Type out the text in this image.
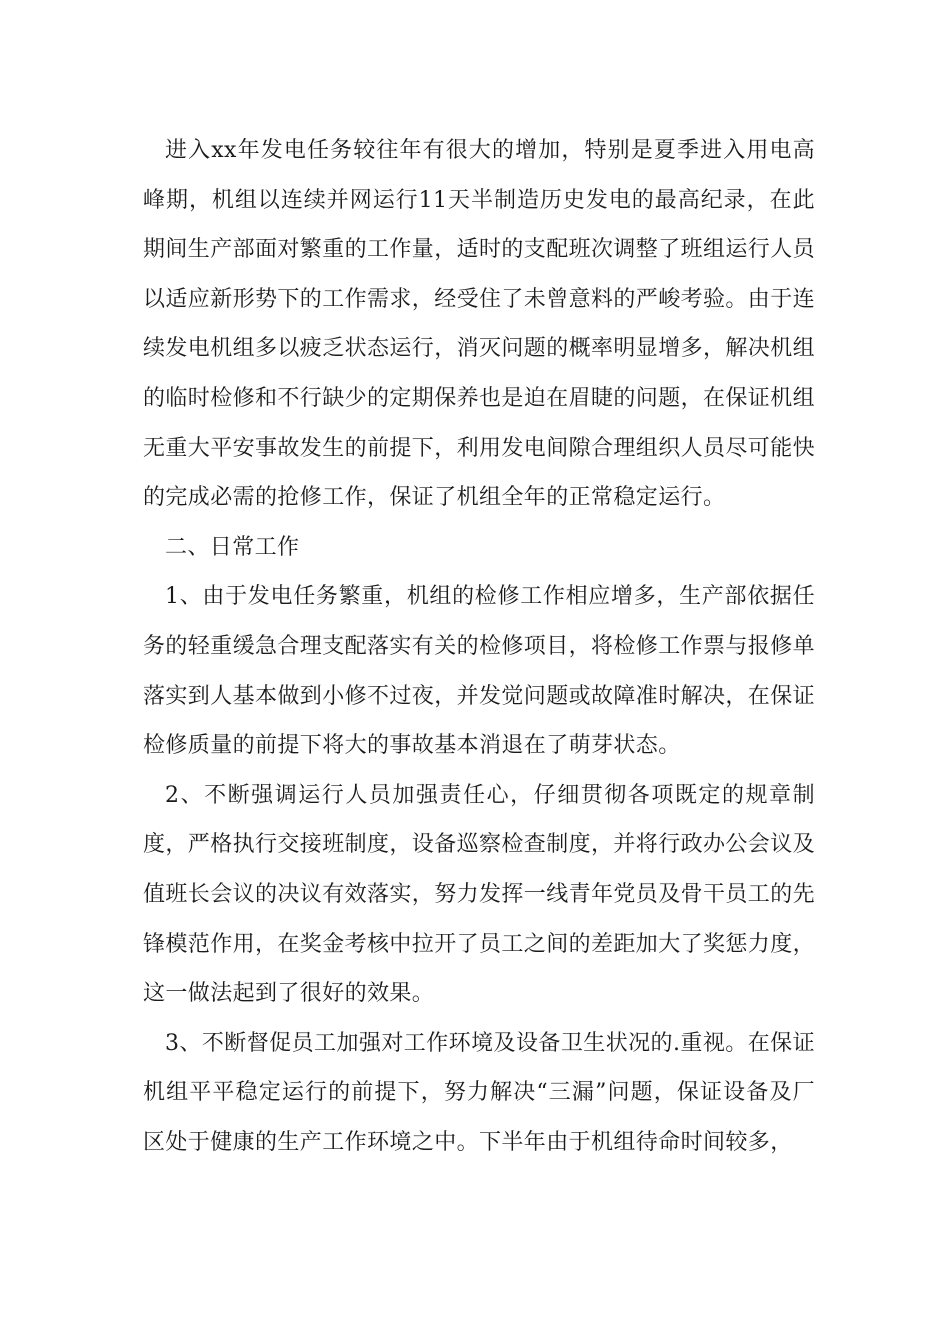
进入xx年发电任务较往年有很大的增加，特别是夏季进入用电高峰期，机组以连续并网运行11天半制造历史发电的最高纪录，在此期间生产部面对繁重的工作量，适时的支配班次调整了班组运行人员以适应新形势下的工作需求，经受住了未曾意料的严峻考验。由于连续发电机组多以疲乏状态运行，消灭问题的概率明显增多，解决机组的临时检修和不行缺少的定期保养也是迫在眉睫的问题，在保证机组无重大平安事故发生的前提下，利用发电间隙合理组织人员尽可能快的完成必需的抢修工作，保证了机组全年的正常稳定运行。

二、日常工作

1、由于发电任务繁重，机组的检修工作相应增多，生产部依据任务的轻重缓急合理支配落实有关的检修项目，将检修工作票与报修单落实到人基本做到小修不过夜，并发觉问题或故障准时解决，在保证检修质量的前提下将大的事故基本消退在了萌芽状态。

2、不断强调运行人员加强责任心，仔细贯彻各项既定的规章制度，严格执行交接班制度，设备巡察检查制度，并将行政办公会议及值班长会议的决议有效落实，努力发挥一线青年党员及骨干员工的先锋模范作用，在奖金考核中拉开了员工之间的差距加大了奖惩力度，这一做法起到了很好的效果。

3、不断督促员工加强对工作环境及设备卫生状况的.重视。在保证机组平平稳定运行的前提下，努力解决“三漏”问题，保证设备及厂区处于健康的生产工作环境之中。下半年由于机组待命时间较多，
